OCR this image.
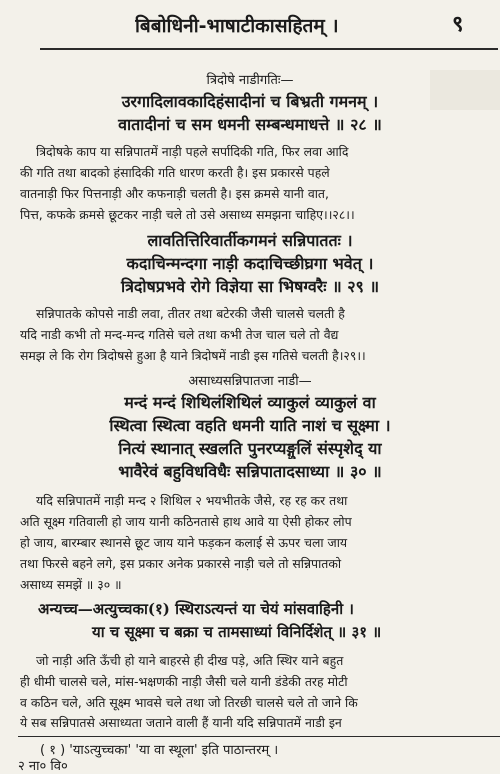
बिबोधिनी-भाषाटीकासहितम् ।	९
त्रिदोषे नाडीगतिः—
उरगादिलावकादिहंसादीनां च बिभ्रती गमनम् ।
वातादीनां च सम धमनी सम्बन्धमाधत्ते ॥ २८ ॥
त्रिदोषके काप या सन्निपातमें नाड़ी पहले सर्पादिकी गति, फिर लवा आदि
की गति तथा बादको हंसादिकी गति धारण करती है। इस प्रकारसे पहले
वातनाड़ी फिर पित्तनाड़ी और कफनाड़ी चलती है। इस क्रमसे यानी वात,
पित्त, कफके क्रमसे छूटकर नाड़ी चले तो उसे असाध्य समझना चाहिए।।२८।।
लावतित्तिरिवार्तीकगमनं सन्निपाततः ।
कदाचिन्मन्दगा नाड़ी कदाचिच्छीघ्रगा भवेत् ।
त्रिदोषप्रभवे रोगे विज्ञेया सा भिषग्वरैः ॥ २९ ॥
सन्निपातके कोपसे नाडी लवा, तीतर तथा बटेरकी जैसी चालसे चलती है
यदि नाडी कभी तो मन्द-मन्द गतिसे चले तथा कभी तेज चाल चले तो वैद्य
समझ ले कि रोग त्रिदोषसे हुआ है याने त्रिदोषमें नाडी इस गतिसे चलती है।२९।।
असाध्यसन्निपातजा नाडी—
मन्दं मन्दं शिथिलंशिथिलं व्याकुलं व्याकुलं वा
स्थित्वा स्थित्वा वहति धमनी याति नाशं च सूक्ष्मा ।
नित्यं स्थानात् स्खलति पुनरप्यङ्गुलिं संस्पृशेद् या
भावैरेवं बहुविधविधैः सन्निपातादसाध्या ॥ ३० ॥
यदि सन्निपातमें नाड़ी मन्द २ शिथिल २ भयभीतके जैसे, रह रह कर तथा
अति सूक्ष्म गतिवाली हो जाय यानी कठिनतासे हाथ आवे या ऐसी होकर लोप
हो जाय, बारम्बार स्थानसे छूट जाय याने फड़कन कलाई से ऊपर चला जाय
तथा फिरसे बहने लगे, इस प्रकार अनेक प्रकारसे नाड़ी चले तो सन्निपातको
असाध्य समझें ॥ ३० ॥
अन्यच्च—अत्युच्चका(१) स्थिराऽत्यन्तं या चेयं मांसवाहिनी ।
या च सूक्ष्मा च बक्रा च तामसाध्यां विनिर्दिशेत् ॥ ३१ ॥
जो नाड़ी अति ऊँची हो याने बाहरसे ही दीख पड़े, अति स्थिर याने बहुत
ही धीमी चालसे चले, मांस-भक्षणकी नाड़ी जैसी चले यानी डंडेकी तरह मोटी
व कठिन चले, अति सूक्ष्म भावसे चले तथा जो तिरछी चालसे चले तो जाने कि
ये सब सन्निपातसे असाध्यता जताने वाली हैं यानी यदि सन्निपातमें नाडी इन
( १ ) 'याऽत्युच्चका' 'या वा स्थूला' इति पाठान्तरम् ।
२ ना० वि०
